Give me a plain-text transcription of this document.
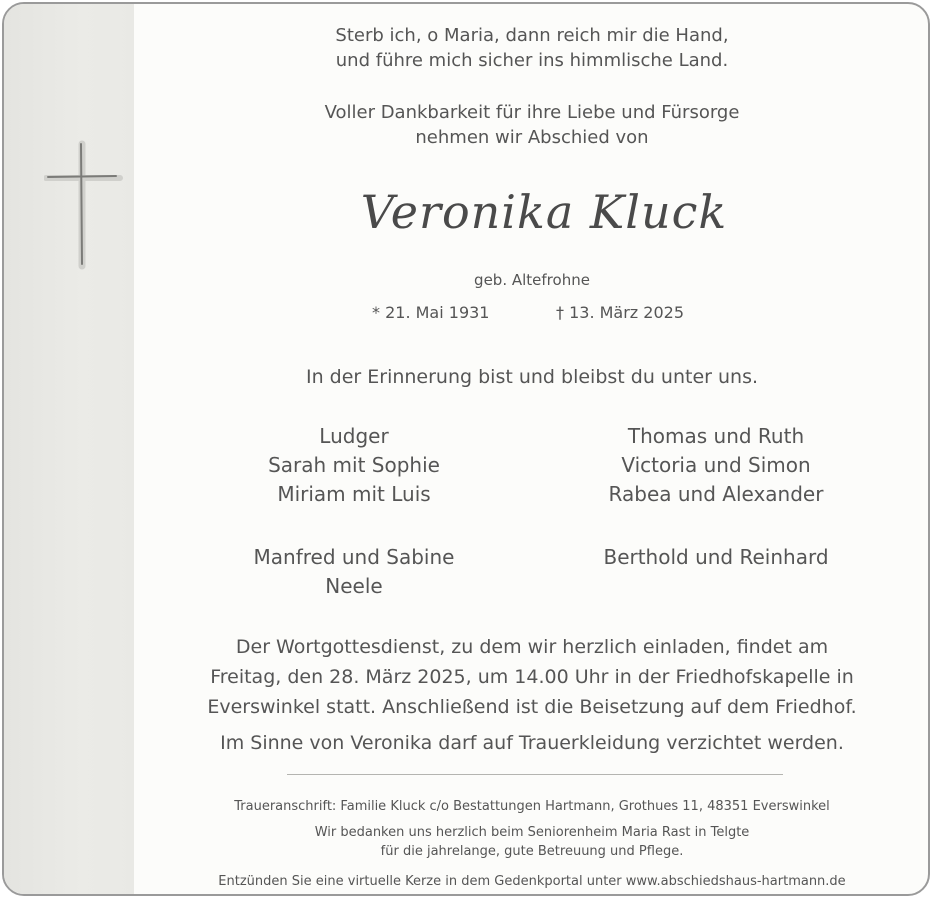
Sterb ich, o Maria, dann reich mir die Hand,
und führe mich sicher ins himmlische Land.
Voller Dankbarkeit für ihre Liebe und Fürsorge
nehmen wir Abschied von
Veronika Kluck
geb. Altefrohne
* 21. Mai 1931	† 13. März 2025
In der Erinnerung bist und bleibst du unter uns.
Ludger
Sarah mit Sophie
Miriam mit Luis
Thomas und Ruth
Victoria und Simon
Rabea und Alexander
Manfred und Sabine
Neele
Berthold und Reinhard
Der Wortgottesdienst, zu dem wir herzlich einladen, findet am
Freitag, den 28. März 2025, um 14.00 Uhr in der Friedhofskapelle in
Everswinkel statt. Anschließend ist die Beisetzung auf dem Friedhof.
Im Sinne von Veronika darf auf Trauerkleidung verzichtet werden.
Traueranschrift: Familie Kluck c/o Bestattungen Hartmann, Grothues 11, 48351 Everswinkel
Wir bedanken uns herzlich beim Seniorenheim Maria Rast in Telgte
für die jahrelange, gute Betreuung und Pflege.
Entzünden Sie eine virtuelle Kerze in dem Gedenkportal unter www.abschiedshaus-hartmann.de
